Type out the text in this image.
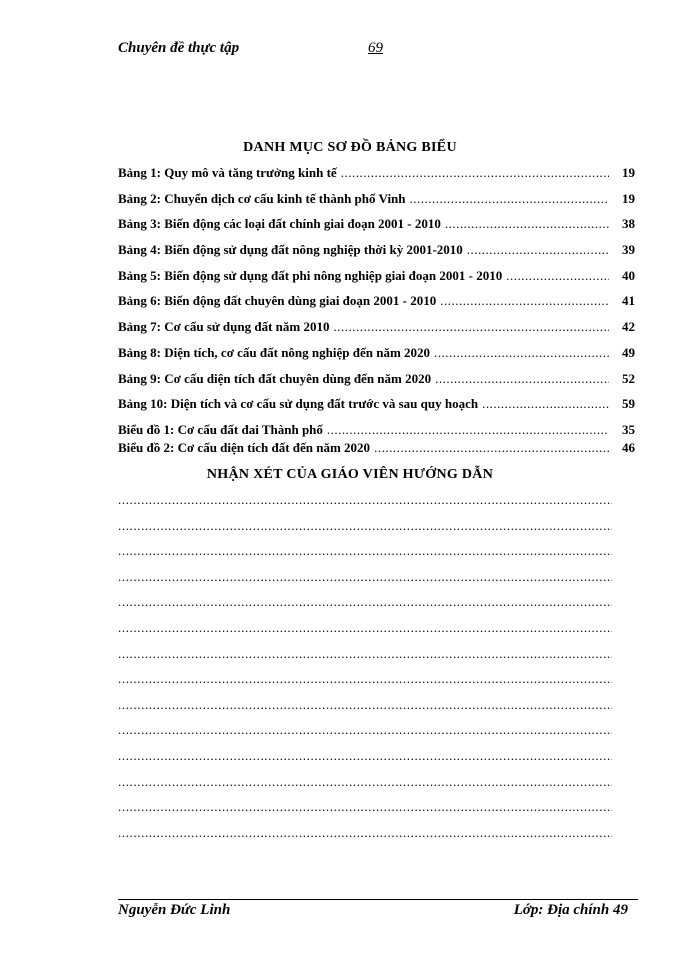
Chuyên đề thực tập	69
DANH MỤC SƠ ĐỒ BẢNG BIỂU
Bảng 1: Quy mô và tăng trưởng kinh tế .....	19
Bảng 2: Chuyển dịch cơ cấu kinh tế thành phố Vinh .....	19
Bảng 3: Biến động các loại đất chính giai đoạn 2001 - 2010 .....	38
Bảng 4: Biến động sử dụng đất nông nghiệp thời kỳ 2001-2010 .....	39
Bảng 5: Biến động sử dụng đất phi nông nghiệp giai đoạn 2001 - 2010 .....	40
Bảng 6: Biến động đất chuyên dùng giai đoạn 2001 - 2010 .....	41
Bảng 7: Cơ cấu sử dụng đất năm 2010 .....	42
Bảng 8: Diện tích, cơ cấu đất nông nghiệp đến năm 2020 .....	49
Bảng 9: Cơ cấu diện tích đất chuyên dùng đến năm 2020 .....	52
Bảng 10: Diện tích và cơ cấu sử dụng đất trước và sau quy hoạch .....	59
Biểu đồ 1: Cơ cấu đất đai Thành phố .....	35
Biểu đồ 2: Cơ cấu diện tích đất đến năm 2020 .....	46
NHẬN XÉT CỦA GIÁO VIÊN HƯỚNG DẪN
.....
.....
.....
.....
.....
.....
.....
.....
.....
.....
.....
.....
.....
.....
Nguyễn Đức Linh	Lớp: Địa chính 49
